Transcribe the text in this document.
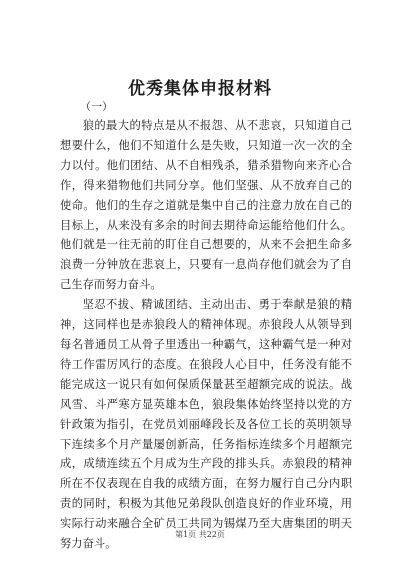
优秀集体申报材料
（一）

狼的最大的特点是从不报怨、从不悲哀，只知道自己想要什么，他们不知道什么是失败，只知道一次一次的全力以付。他们团结、从不自相残杀，猎杀猎物向来齐心合作，得来猎物他们共同分享。他们坚强、从不放弃自己的使命。他们的生存之道就是集中自己的注意力放在自己的目标上，从来没有多余的时间去期待命运能给他们什么。他们就是一往无前的盯住自己想要的，从来不会把生命多浪费一分钟放在悲哀上，只要有一息尚存他们就会为了自己生存而努力奋斗。

坚忍不拔、精诚团结、主动出击、勇于奉献是狼的精神，这同样也是赤狼段人的精神体现。赤狼段人从领导到每名普通员工从骨子里透出一种霸气，这种霸气是一种对待工作雷厉风行的态度。在狼段人心目中，任务没有能不能完成这一说只有如何保质保量甚至超额完成的说法。战风雪、斗严寒方显英雄本色，狼段集体始终坚持以党的方针政策为指引，在党员刘丽峰段长及各位工长的英明领导下连续多个月产量屡创新高，任务指标连续多个月超额完成，成绩连续五个月成为生产段的排头兵。赤狼段的精神所在不仅表现在自我的成绩方面，在努力履行自己分内职责的同时，积极为其他兄弟段队创造良好的作业环境，用实际行动来融合全矿员工共同为锡煤乃至大唐集团的明天努力奋斗。

第1页 共22页
